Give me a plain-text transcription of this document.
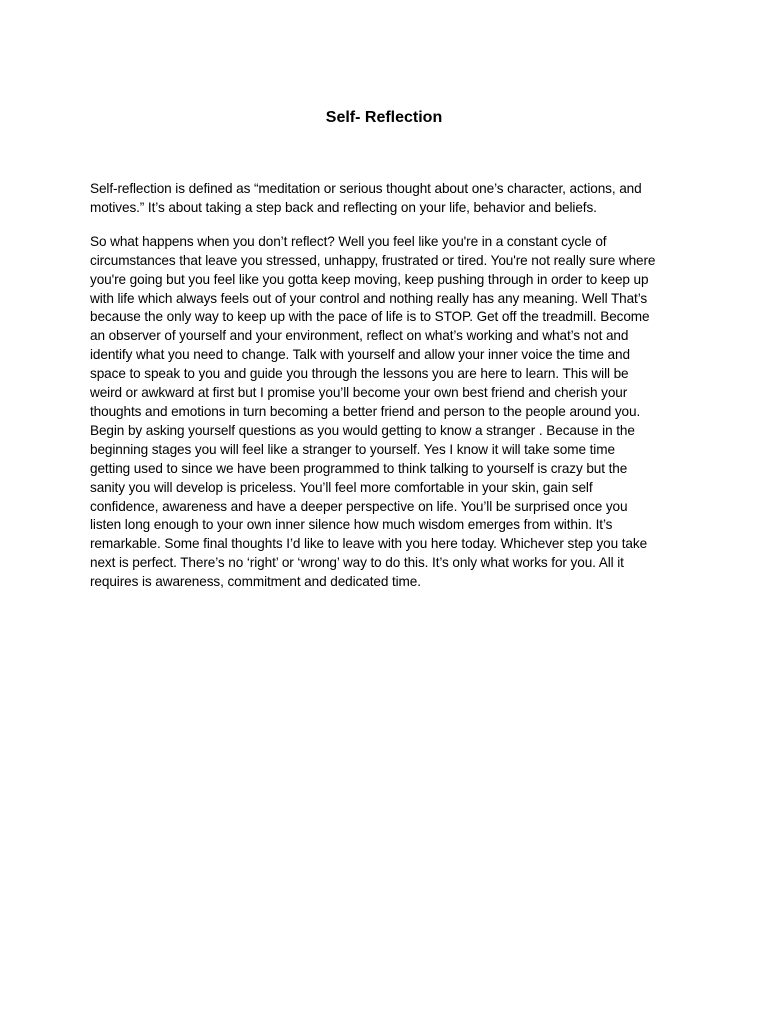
Self- Reflection

Self-reflection is defined as “meditation or serious thought about one’s character, actions, and
motives.” It’s about taking a step back and reflecting on your life, behavior and beliefs.

So what happens when you don’t reflect? Well you feel like you're in a constant cycle of
circumstances that leave you stressed, unhappy, frustrated or tired. You're not really sure where
you're going but you feel like you gotta keep moving, keep pushing through in order to keep up
with life which always feels out of your control and nothing really has any meaning. Well That’s
because the only way to keep up with the pace of life is to STOP. Get off the treadmill. Become
an observer of yourself and your environment, reflect on what’s working and what’s not and
identify what you need to change. Talk with yourself and allow your inner voice the time and
space to speak to you and guide you through the lessons you are here to learn. This will be
weird or awkward at first but I promise you’ll become your own best friend and cherish your
thoughts and emotions in turn becoming a better friend and person to the people around you.
Begin by asking yourself questions as you would getting to know a stranger . Because in the
beginning stages you will feel like a stranger to yourself. Yes I know it will take some time
getting used to since we have been programmed to think talking to yourself is crazy but the
sanity you will develop is priceless. You’ll feel more comfortable in your skin, gain self
confidence, awareness and have a deeper perspective on life. You’ll be surprised once you
listen long enough to your own inner silence how much wisdom emerges from within. It’s
remarkable. Some final thoughts I’d like to leave with you here today. Whichever step you take
next is perfect. There’s no ‘right’ or ‘wrong’ way to do this. It’s only what works for you. All it
requires is awareness, commitment and dedicated time.
